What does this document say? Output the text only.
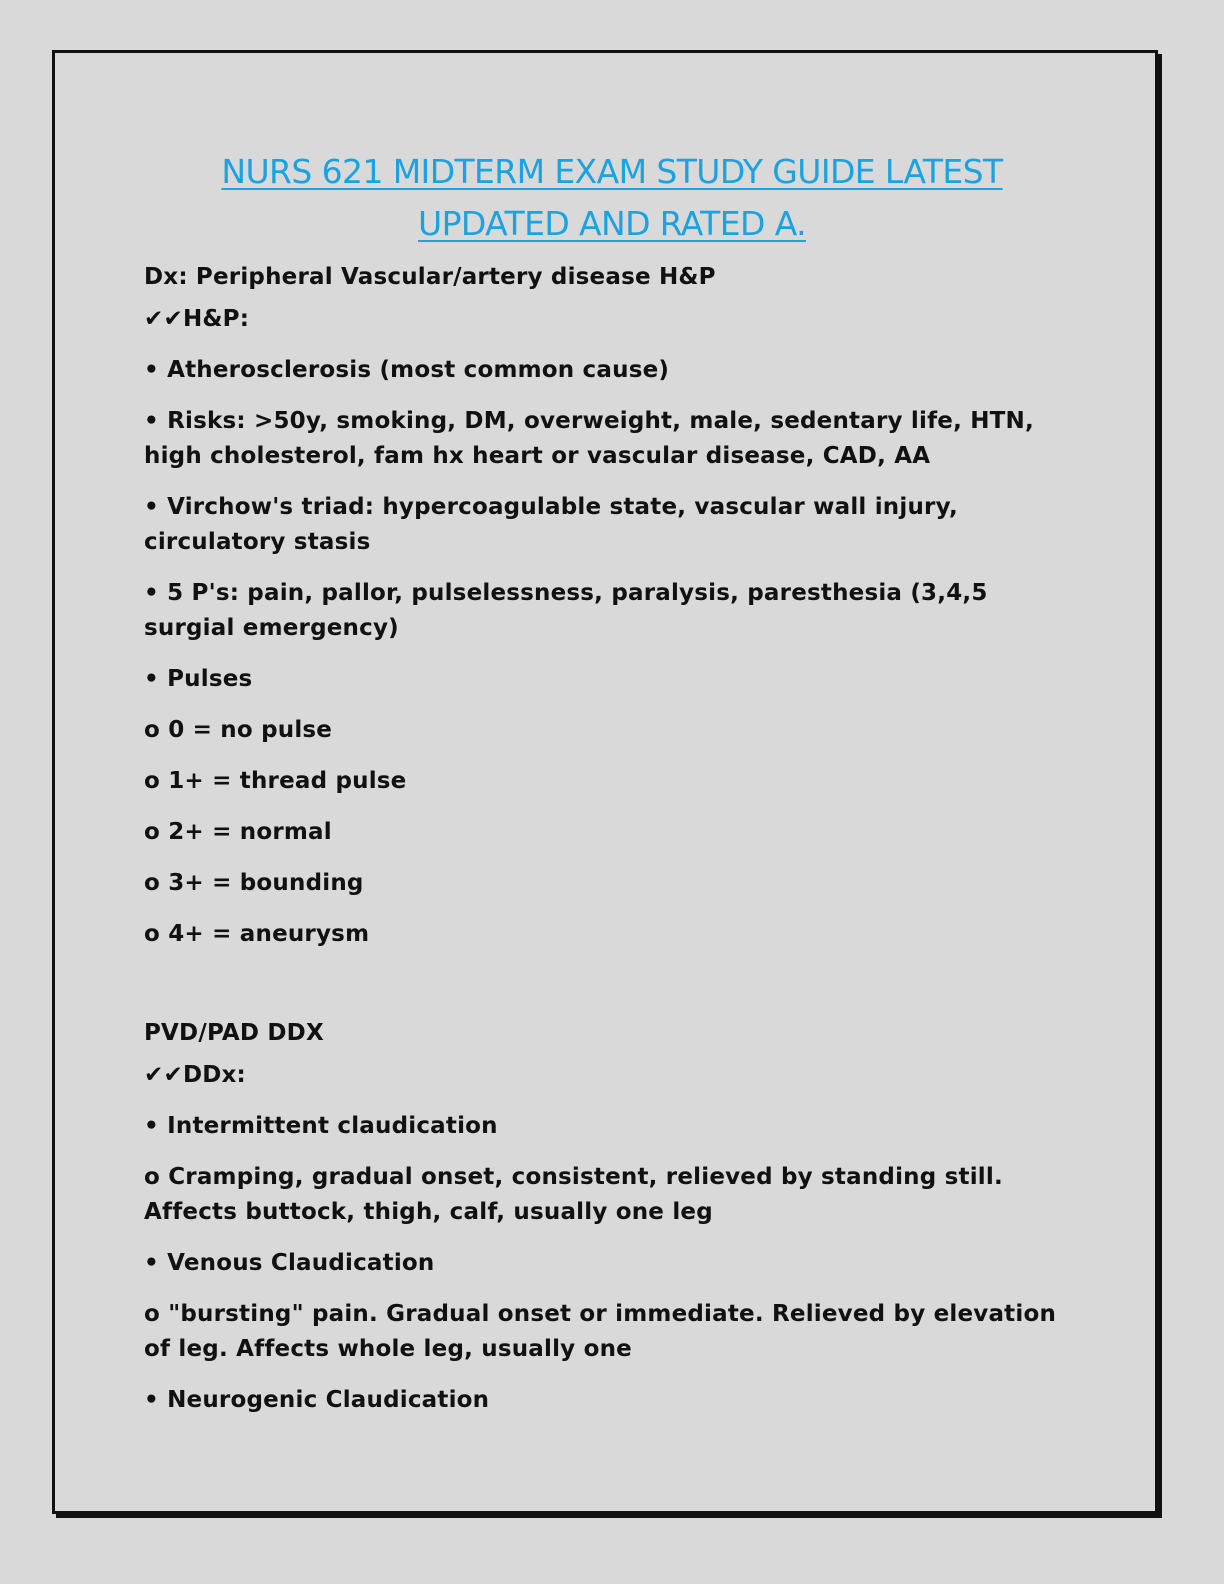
NURS 621 MIDTERM EXAM STUDY GUIDE LATEST
UPDATED AND RATED A.

Dx: Peripheral Vascular/artery disease H&P

✔✔H&P:

• Atherosclerosis (most common cause)

• Risks: >50y, smoking, DM, overweight, male, sedentary life, HTN, high cholesterol, fam hx heart or vascular disease, CAD, AA

• Virchow's triad: hypercoagulable state, vascular wall injury, circulatory stasis

• 5 P's: pain, pallor, pulselessness, paralysis, paresthesia (3,4,5 surgial emergency)

• Pulses

o 0 = no pulse

o 1+ = thread pulse

o 2+ = normal

o 3+ = bounding

o 4+ = aneurysm

PVD/PAD DDX

✔✔DDx:

• Intermittent claudication

o Cramping, gradual onset, consistent, relieved by standing still. Affects buttock, thigh, calf, usually one leg

• Venous Claudication

o "bursting" pain. Gradual onset or immediate. Relieved by elevation of leg. Affects whole leg, usually one

• Neurogenic Claudication
